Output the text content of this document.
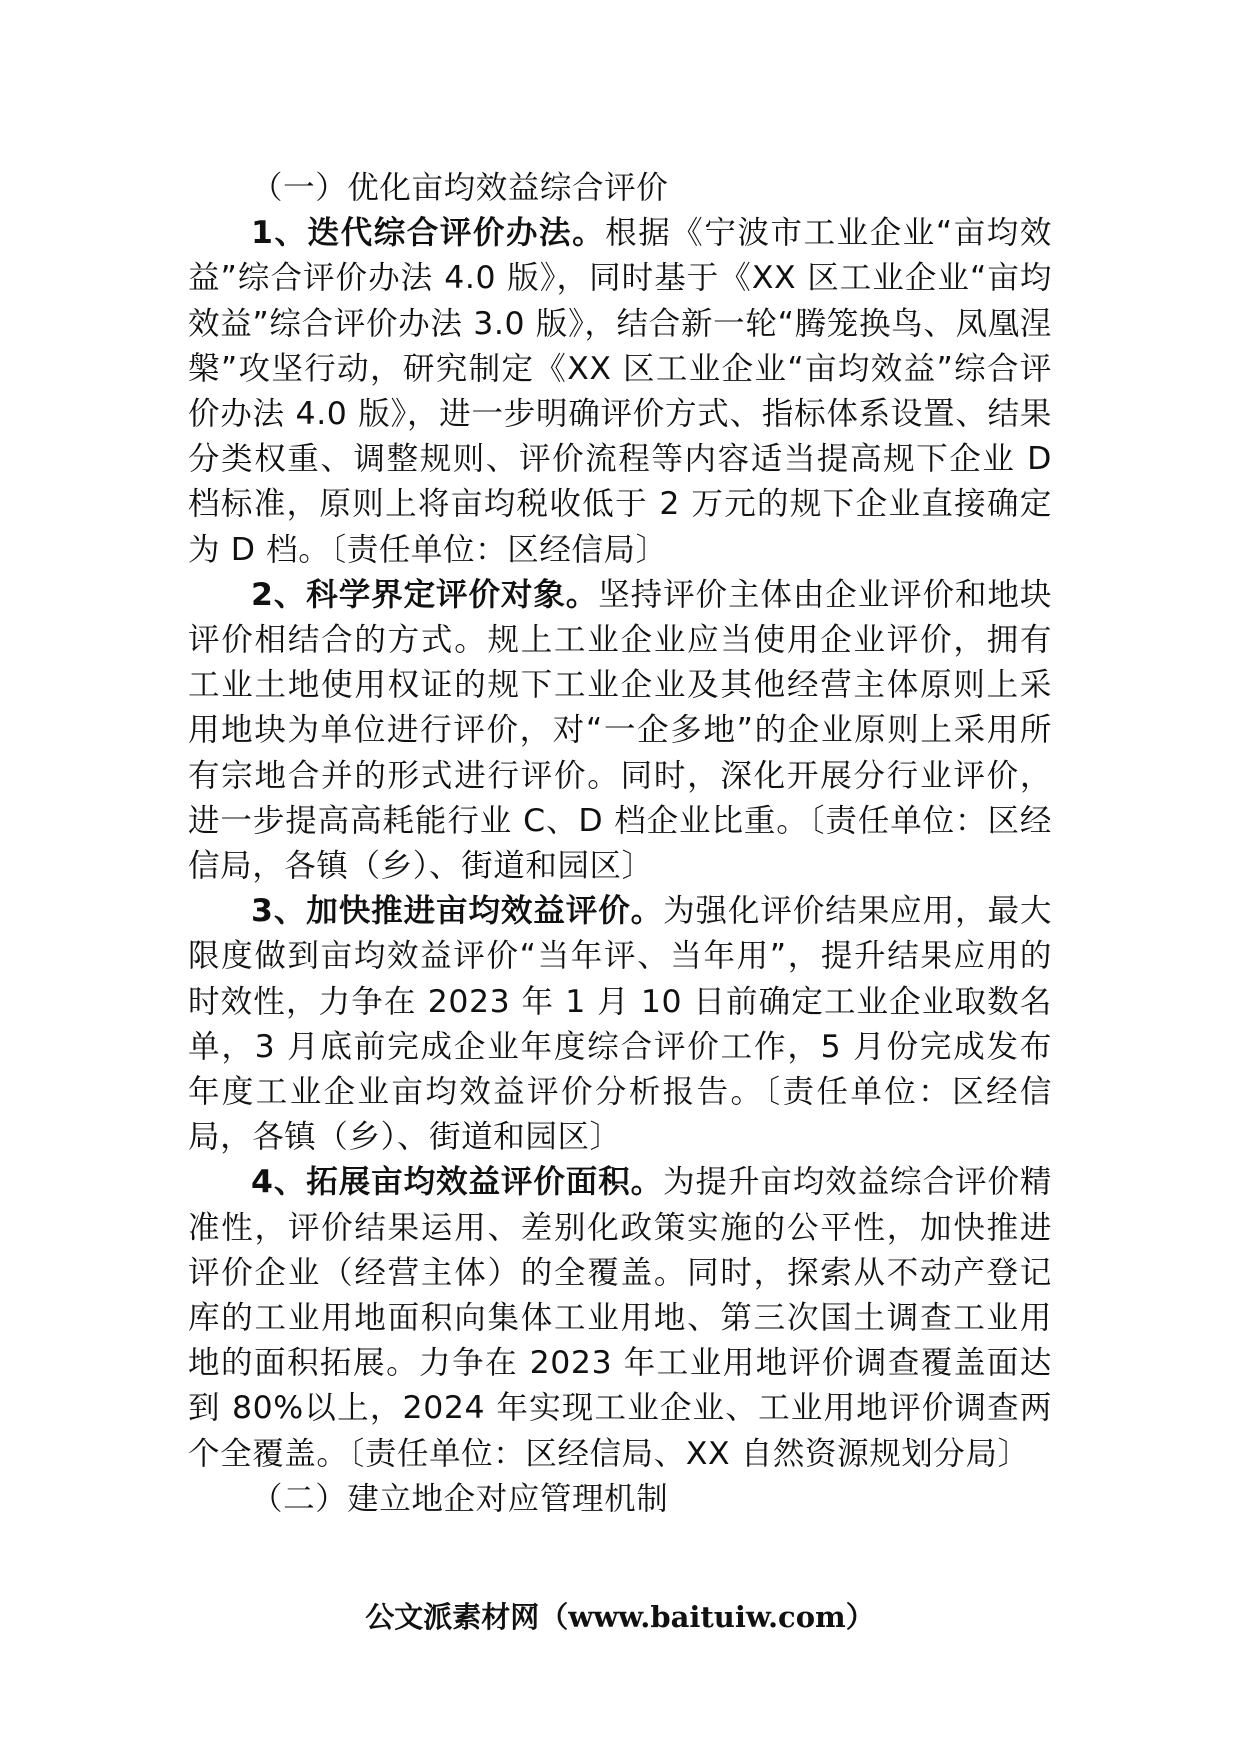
（一）优化亩均效益综合评价

1、迭代综合评价办法。根据《宁波市工业企业“亩均效益”综合评价办法 4.0 版》，同时基于《XX 区工业企业“亩均效益”综合评价办法 3.0 版》，结合新一轮“腾笼换鸟、凤凰涅槃”攻坚行动，研究制定《XX 区工业企业“亩均效益”综合评价办法 4.0 版》，进一步明确评价方式、指标体系设置、结果分类权重、调整规则、评价流程等内容适当提高规下企业 D 档标准，原则上将亩均税收低于 2 万元的规下企业直接确定为 D 档。〔责任单位：区经信局〕

2、科学界定评价对象。坚持评价主体由企业评价和地块评价相结合的方式。规上工业企业应当使用企业评价，拥有工业土地使用权证的规下工业企业及其他经营主体原则上采用地块为单位进行评价，对“一企多地”的企业原则上采用所有宗地合并的形式进行评价。同时，深化开展分行业评价，进一步提高高耗能行业 C、D 档企业比重。〔责任单位：区经信局，各镇（乡）、街道和园区〕

3、加快推进亩均效益评价。为强化评价结果应用，最大限度做到亩均效益评价“当年评、当年用”，提升结果应用的时效性，力争在 2023 年 1 月 10 日前确定工业企业取数名单，3 月底前完成企业年度综合评价工作，5 月份完成发布年度工业企业亩均效益评价分析报告。〔责任单位：区经信局，各镇（乡）、街道和园区〕

4、拓展亩均效益评价面积。为提升亩均效益综合评价精准性，评价结果运用、差别化政策实施的公平性，加快推进评价企业（经营主体）的全覆盖。同时，探索从不动产登记库的工业用地面积向集体工业用地、第三次国土调查工业用地的面积拓展。力争在 2023 年工业用地评价调查覆盖面达到 80%以上，2024 年实现工业企业、工业用地评价调查两个全覆盖。〔责任单位：区经信局、XX 自然资源规划分局〕

（二）建立地企对应管理机制

公文派素材网（www.baituiw.com）
